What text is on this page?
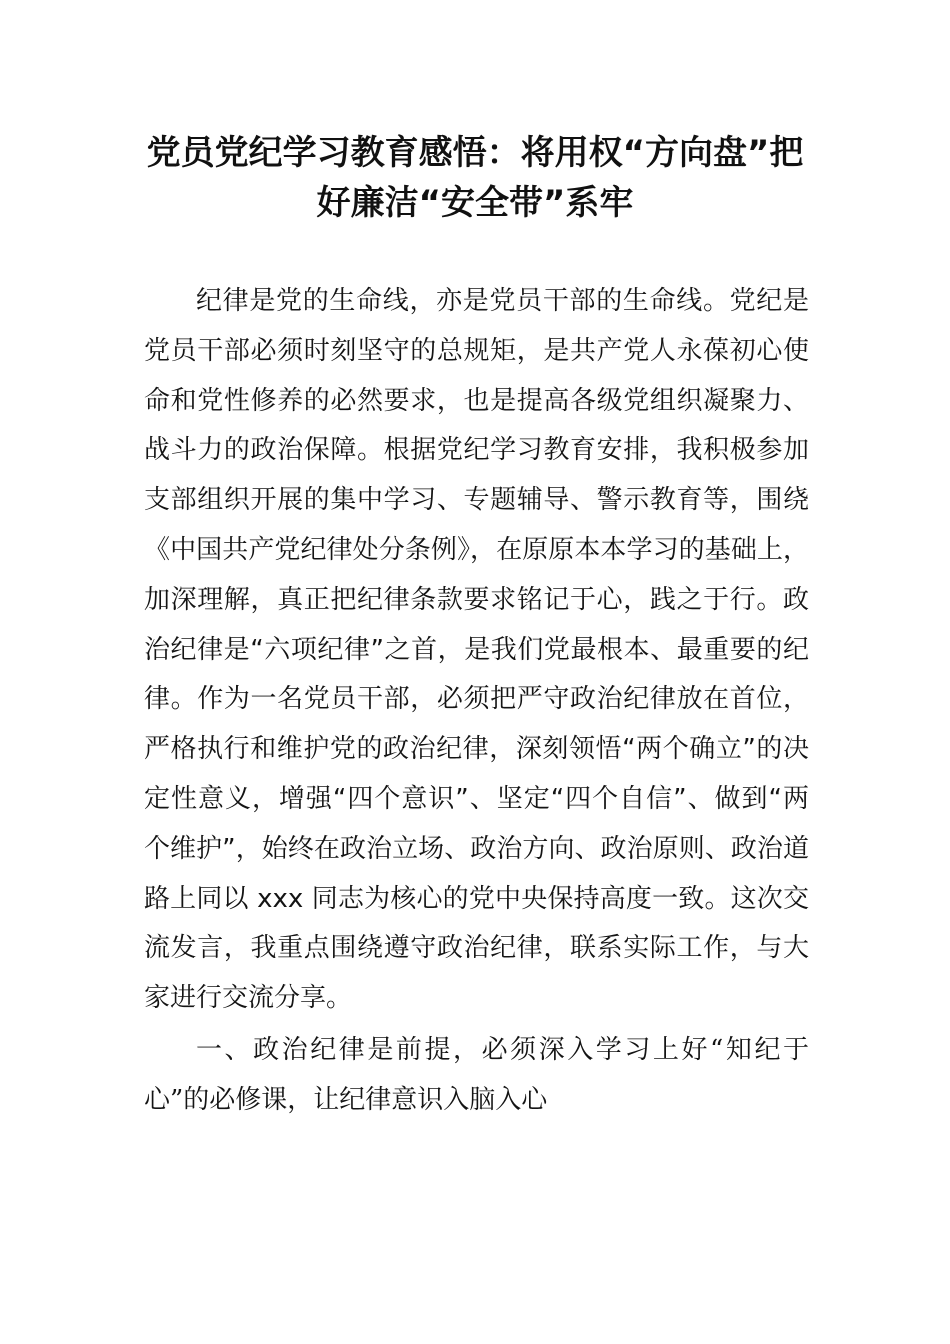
党员党纪学习教育感悟：将用权“方向盘”把好廉洁“安全带”系牢

纪律是党的生命线，亦是党员干部的生命线。党纪是党员干部必须时刻坚守的总规矩，是共产党人永葆初心使命和党性修养的必然要求，也是提高各级党组织凝聚力、战斗力的政治保障。根据党纪学习教育安排，我积极参加支部组织开展的集中学习、专题辅导、警示教育等，围绕《中国共产党纪律处分条例》，在原原本本学习的基础上，加深理解，真正把纪律条款要求铭记于心，践之于行。政治纪律是“六项纪律”之首，是我们党最根本、最重要的纪律。作为一名党员干部，必须把严守政治纪律放在首位，严格执行和维护党的政治纪律，深刻领悟“两个确立”的决定性意义，增强“四个意识”、坚定“四个自信”、做到“两个维护”，始终在政治立场、政治方向、政治原则、政治道路上同以 xxx 同志为核心的党中央保持高度一致。这次交流发言，我重点围绕遵守政治纪律，联系实际工作，与大家进行交流分享。

一、政治纪律是前提，必须深入学习上好“知纪于心”的必修课，让纪律意识入脑入心
